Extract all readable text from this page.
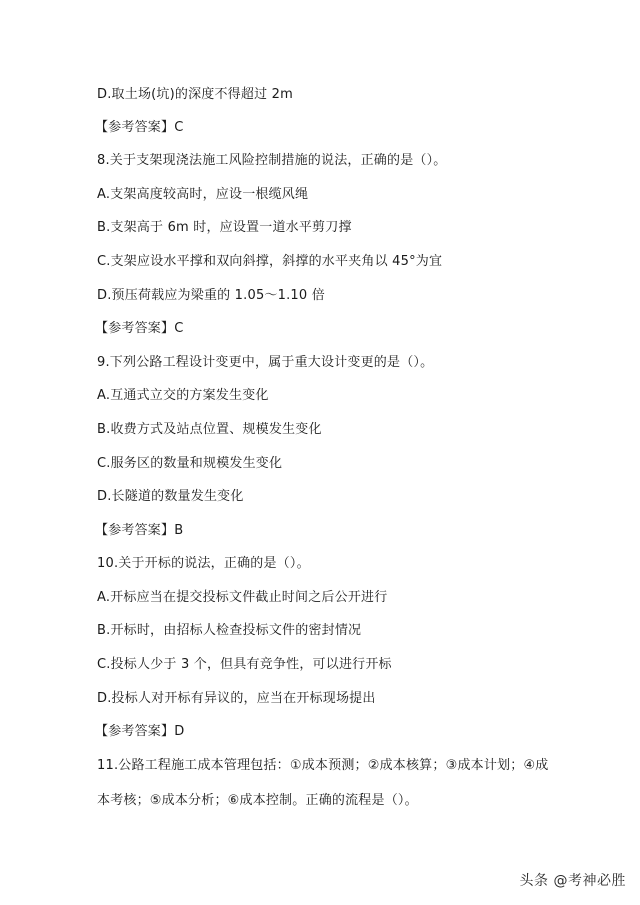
D.取土场(坑)的深度不得超过 2m
【参考答案】C
8.关于支架现浇法施工风险控制措施的说法，正确的是（）。
A.支架高度较高时，应设一根缆风绳
B.支架高于 6m 时，应设置一道水平剪刀撑
C.支架应设水平撑和双向斜撑，斜撑的水平夹角以 45°为宜
D.预压荷载应为梁重的 1.05～1.10 倍
【参考答案】C
9.下列公路工程设计变更中，属于重大设计变更的是（）。
A.互通式立交的方案发生变化
B.收费方式及站点位置、规模发生变化
C.服务区的数量和规模发生变化
D.长隧道的数量发生变化
【参考答案】B
10.关于开标的说法，正确的是（）。
A.开标应当在提交投标文件截止时间之后公开进行
B.开标时，由招标人检查投标文件的密封情况
C.投标人少于 3 个，但具有竞争性，可以进行开标
D.投标人对开标有异议的，应当在开标现场提出
【参考答案】D
11.公路工程施工成本管理包括：①成本预测；②成本核算；③成本计划；④成
本考核；⑤成本分析；⑥成本控制。正确的流程是（）。
头条 @考神必胜
